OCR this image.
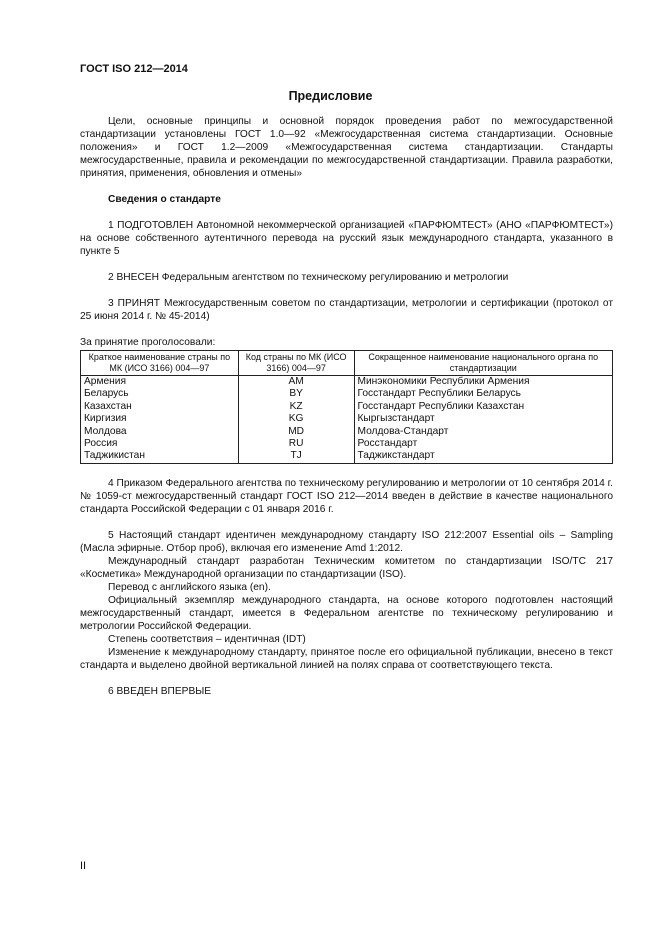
ГОСТ ISO 212—2014
Предисловие

Цели, основные принципы и основной порядок проведения работ по межгосударственной стандартизации установлены ГОСТ 1.0—92 «Межгосударственная система стандартизации. Основные положения» и ГОСТ 1.2—2009 «Межгосударственная система стандартизации. Стандарты межгосударственные, правила и рекомендации по межгосударственной стандартизации. Правила разработки, принятия, применения, обновления и отмены»

Сведения о стандарте

1 ПОДГОТОВЛЕН Автономной некоммерческой организацией «ПАРФЮМТЕСТ» (АНО «ПАРФЮМТЕСТ») на основе собственного аутентичного перевода на русский язык международного стандарта, указанного в пункте 5

2 ВНЕСЕН Федеральным агентством по техническому регулированию и метрологии

3 ПРИНЯТ Межгосударственным советом по стандартизации, метрологии и сертификации (протокол от 25 июня 2014 г. № 45-2014)

За принятие проголосовали:

Краткое наименование страны по МК (ИСО 3166) 004—97	Код страны по МК (ИСО 3166) 004—97	Сокращенное наименование национального органа по стандартизации
Армения	AM	Минэкономики Республики Армения
Беларусь	BY	Госстандарт Республики Беларусь
Казахстан	KZ	Госстандарт Республики Казахстан
Киргизия	KG	Кыргызстандарт
Молдова	MD	Молдова-Стандарт
Россия	RU	Росстандарт
Таджикистан	TJ	Таджикстандарт

4 Приказом Федерального агентства по техническому регулированию и метрологии от 10 сентября 2014 г. № 1059-ст межгосударственный стандарт ГОСТ ISO 212—2014 введен в действие в качестве национального стандарта Российской Федерации с 01 января 2016 г.

5 Настоящий стандарт идентичен международному стандарту ISO 212:2007 Essential oils – Sampling (Масла эфирные. Отбор проб), включая его изменение Amd 1:2012.

Международный стандарт разработан Техническим комитетом по стандартизации ISO/TC 217 «Косметика» Международной организации по стандартизации (ISO).

Перевод с английского языка (en).

Официальный экземпляр международного стандарта, на основе которого подготовлен настоящий межгосударственный стандарт, имеется в Федеральном агентстве по техническому регулированию и метрологии Российской Федерации.

Степень соответствия – идентичная (IDT)

Изменение к международному стандарту, принятое после его официальной публикации, внесено в текст стандарта и выделено двойной вертикальной линией на полях справа от соответствующего текста.

6 ВВЕДЕН ВПЕРВЫЕ

II
